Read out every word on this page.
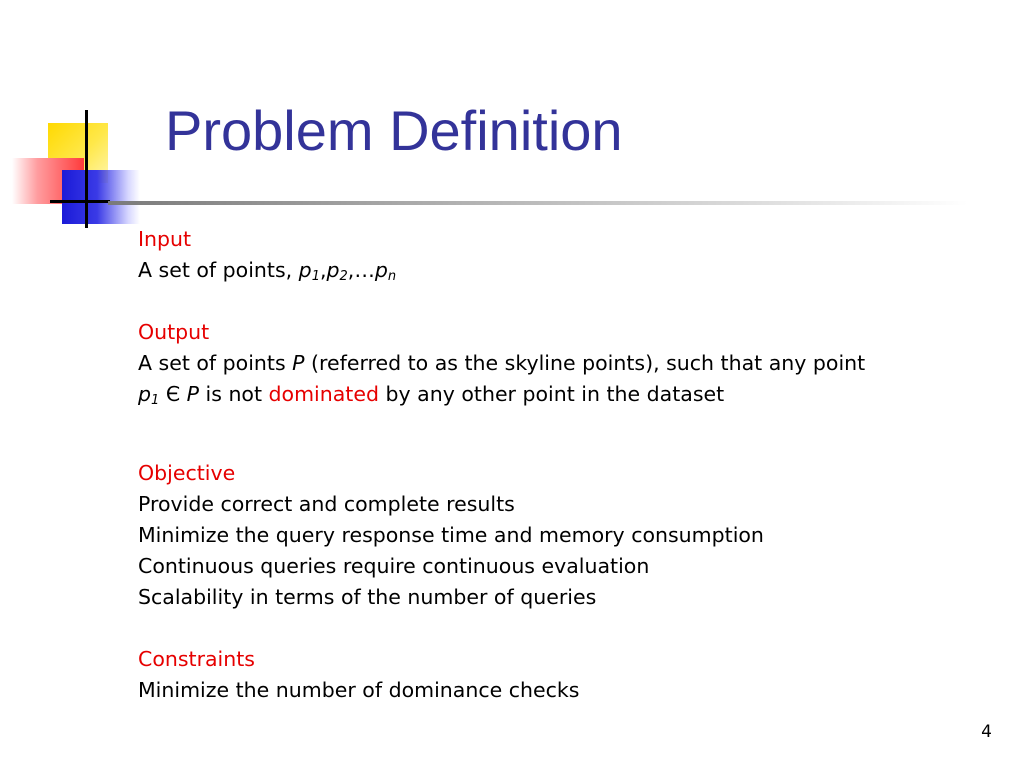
Problem Definition

Input

A set of points, $p_1,p_2,\dots p_n$

Output

A set of points P (referred to as the skyline points), such that any point

$p_1$ Є P is not dominated by any other point in the dataset

Objective

Provide correct and complete results

Minimize the query response time and memory consumption

Continuous queries require continuous evaluation

Scalability in terms of the number of queries

Constraints

Minimize the number of dominance checks

4
